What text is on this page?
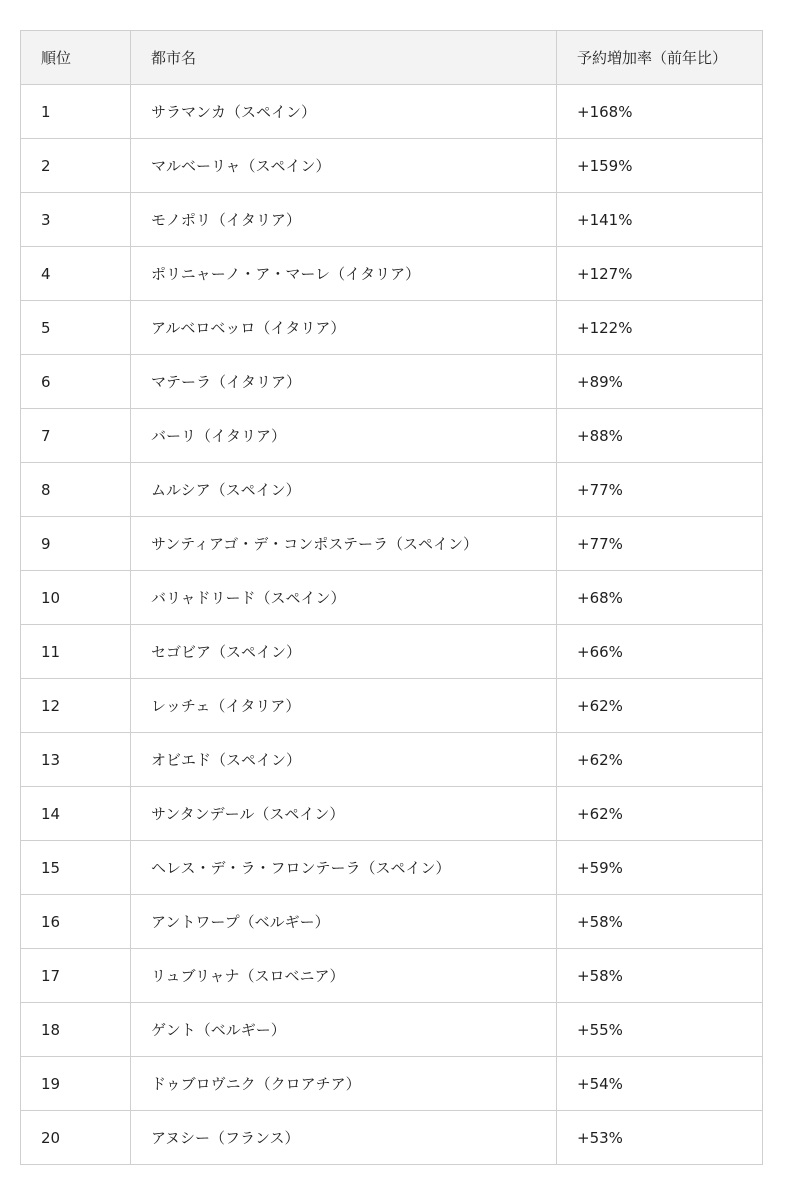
順位	都市名	予約増加率（前年比）
1	サラマンカ（スペイン）	+168%
2	マルベーリャ（スペイン）	+159%
3	モノポリ（イタリア）	+141%
4	ポリニャーノ・ア・マーレ（イタリア）	+127%
5	アルベロベッロ（イタリア）	+122%
6	マテーラ（イタリア）	+89%
7	バーリ（イタリア）	+88%
8	ムルシア（スペイン）	+77%
9	サンティアゴ・デ・コンポステーラ（スペイン）	+77%
10	バリャドリード（スペイン）	+68%
11	セゴビア（スペイン）	+66%
12	レッチェ（イタリア）	+62%
13	オビエド（スペイン）	+62%
14	サンタンデール（スペイン）	+62%
15	ヘレス・デ・ラ・フロンテーラ（スペイン）	+59%
16	アントワープ（ベルギー）	+58%
17	リュブリャナ（スロベニア）	+58%
18	ゲント（ベルギー）	+55%
19	ドゥブロヴニク（クロアチア）	+54%
20	アヌシー（フランス）	+53%
